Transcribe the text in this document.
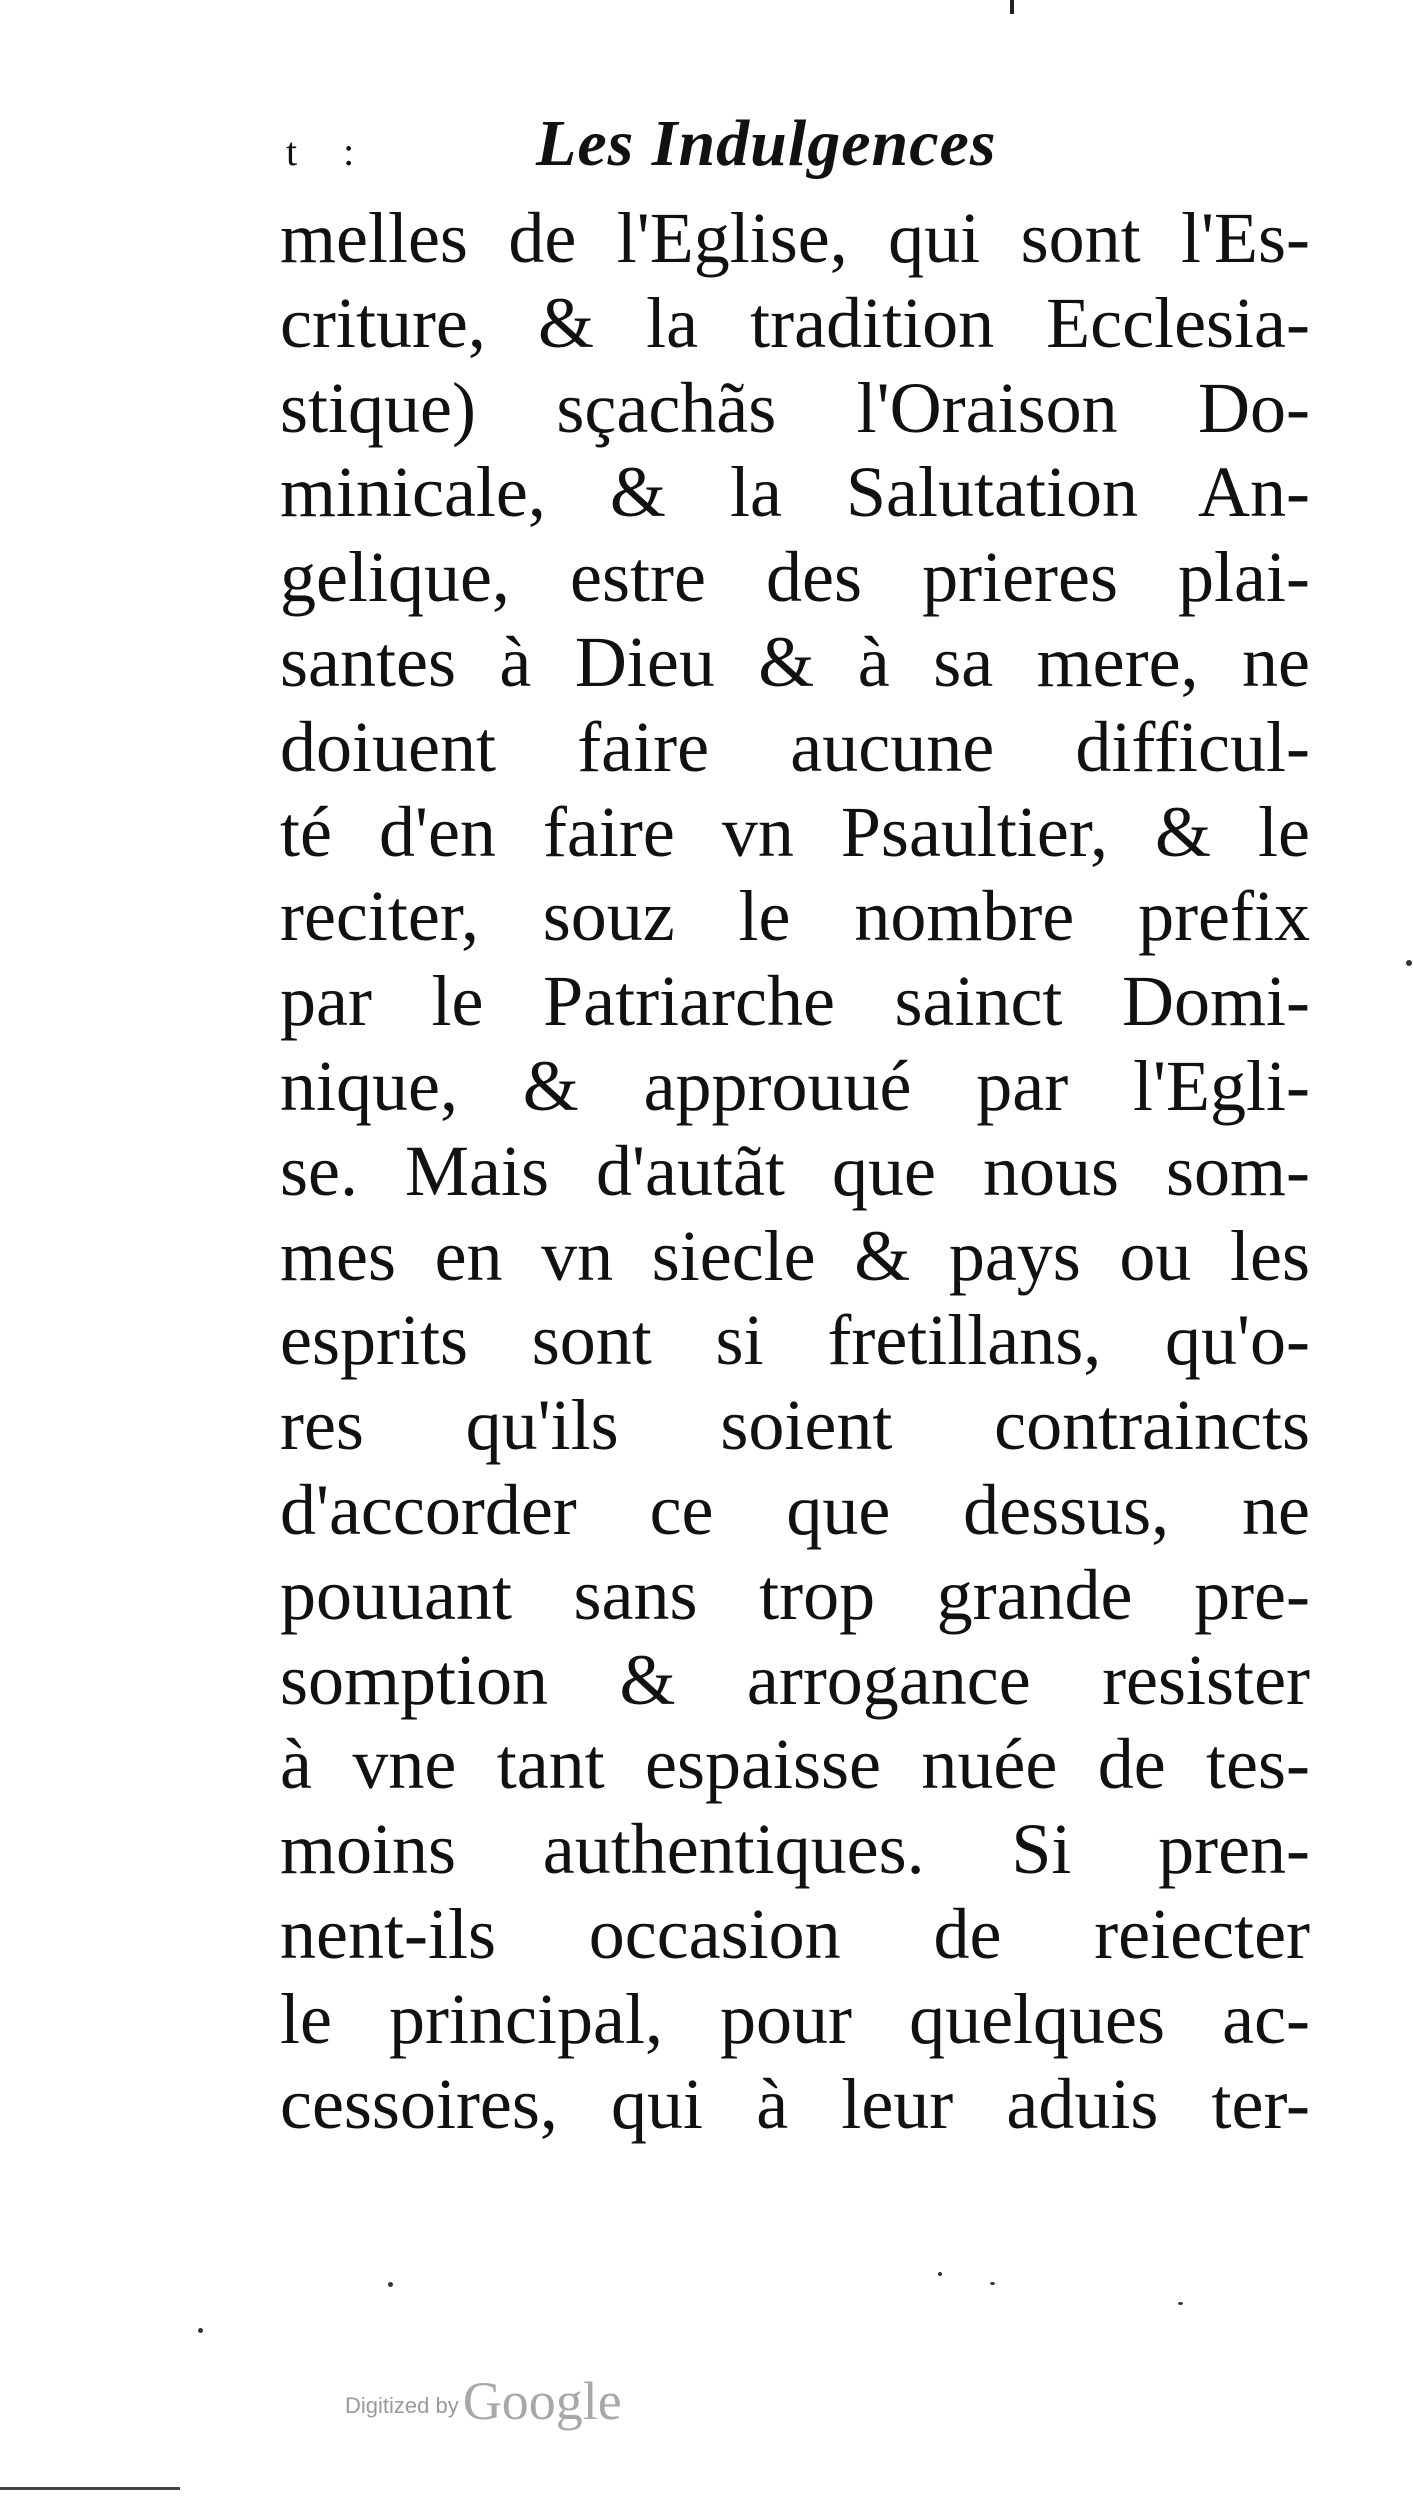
t : Les Indulgences
melles de l'Eglise, qui sont l'Es-
criture, & la tradition Ecclesia-
stique) sçachãs l'Oraison Do-
minicale, & la Salutation An-
gelique, estre des prieres plai-
santes à Dieu & à sa mere, ne
doiuent faire aucune difficul-
té d'en faire vn Psaultier, & le
reciter, souz le nombre prefix
par le Patriarche sainct Domi-
nique, & approuué par l'Egli-
se. Mais d'autãt que nous som-
mes en vn siecle & pays ou les
esprits sont si fretillans, qu'o-
res qu'ils soient contraincts
d'accorder ce que dessus, ne
pouuant sans trop grande pre-
somption & arrogance resister
à vne tant espaisse nuée de tes-
moins authentiques. Si pren-
nent-ils occasion de reiecter
le principal, pour quelques ac-
cessoires, qui à leur aduis ter-
Digitized by Google
